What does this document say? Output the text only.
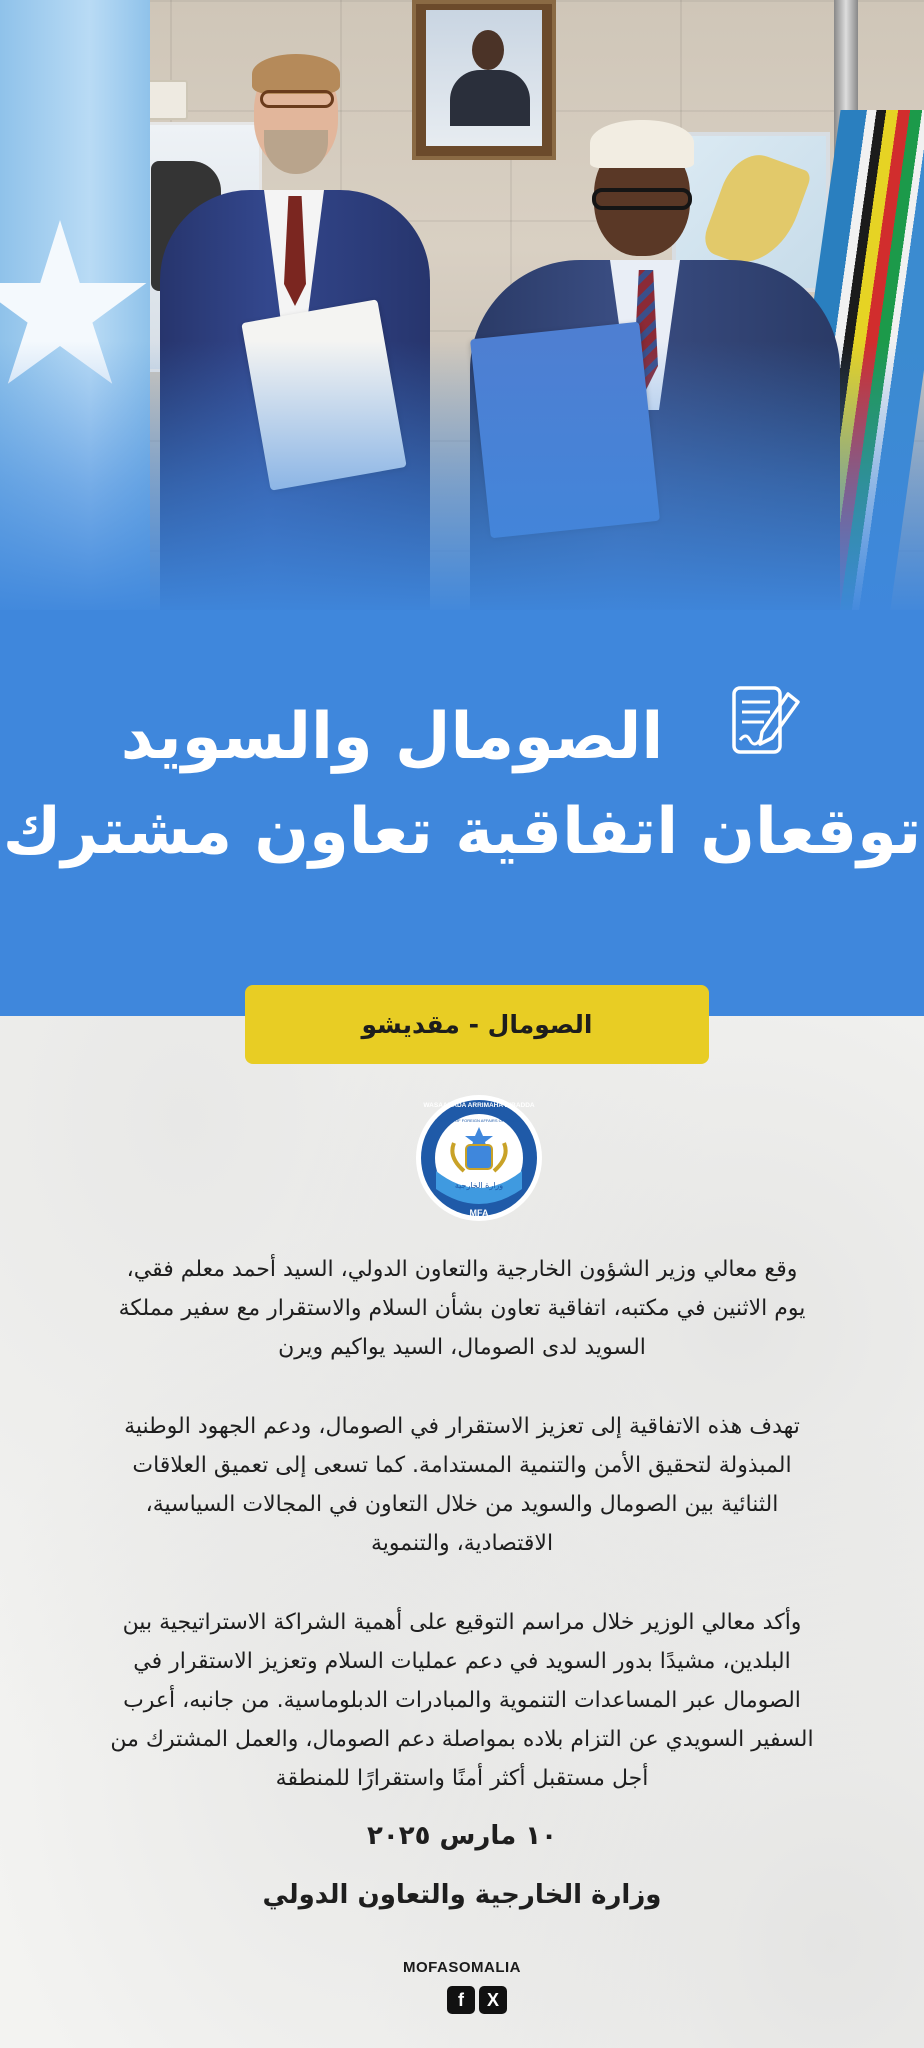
الصومال والسويد
توقعان اتفاقية تعاون مشترك
الصومال - مقديشو
MFA
وزارة الخارجية
WASAARADA ARRIMAHA DIBADDA
MINISTRY OF FOREIGN AFFAIRS OF SOMALIA
وقع معالي وزير الشؤون الخارجية والتعاون الدولي، السيد أحمد معلم فقي،
يوم الاثنين في مكتبه، اتفاقية تعاون بشأن السلام والاستقرار مع سفير مملكة
السويد لدى الصومال، السيد يواكيم ويرن
تهدف هذه الاتفاقية إلى تعزيز الاستقرار في الصومال، ودعم الجهود الوطنية
المبذولة لتحقيق الأمن والتنمية المستدامة. كما تسعى إلى تعميق العلاقات
الثنائية بين الصومال والسويد من خلال التعاون في المجالات السياسية،
الاقتصادية، والتنموية
وأكد معالي الوزير خلال مراسم التوقيع على أهمية الشراكة الاستراتيجية بين
البلدين، مشيدًا بدور السويد في دعم عمليات السلام وتعزيز الاستقرار في
الصومال عبر المساعدات التنموية والمبادرات الدبلوماسية. من جانبه، أعرب
السفير السويدي عن التزام بلاده بمواصلة دعم الصومال، والعمل المشترك من
أجل مستقبل أكثر أمنًا واستقرارًا للمنطقة
١٠ مارس ٢٠٢٥
وزارة الخارجية والتعاون الدولي
MOFASOMALIA
f	X
